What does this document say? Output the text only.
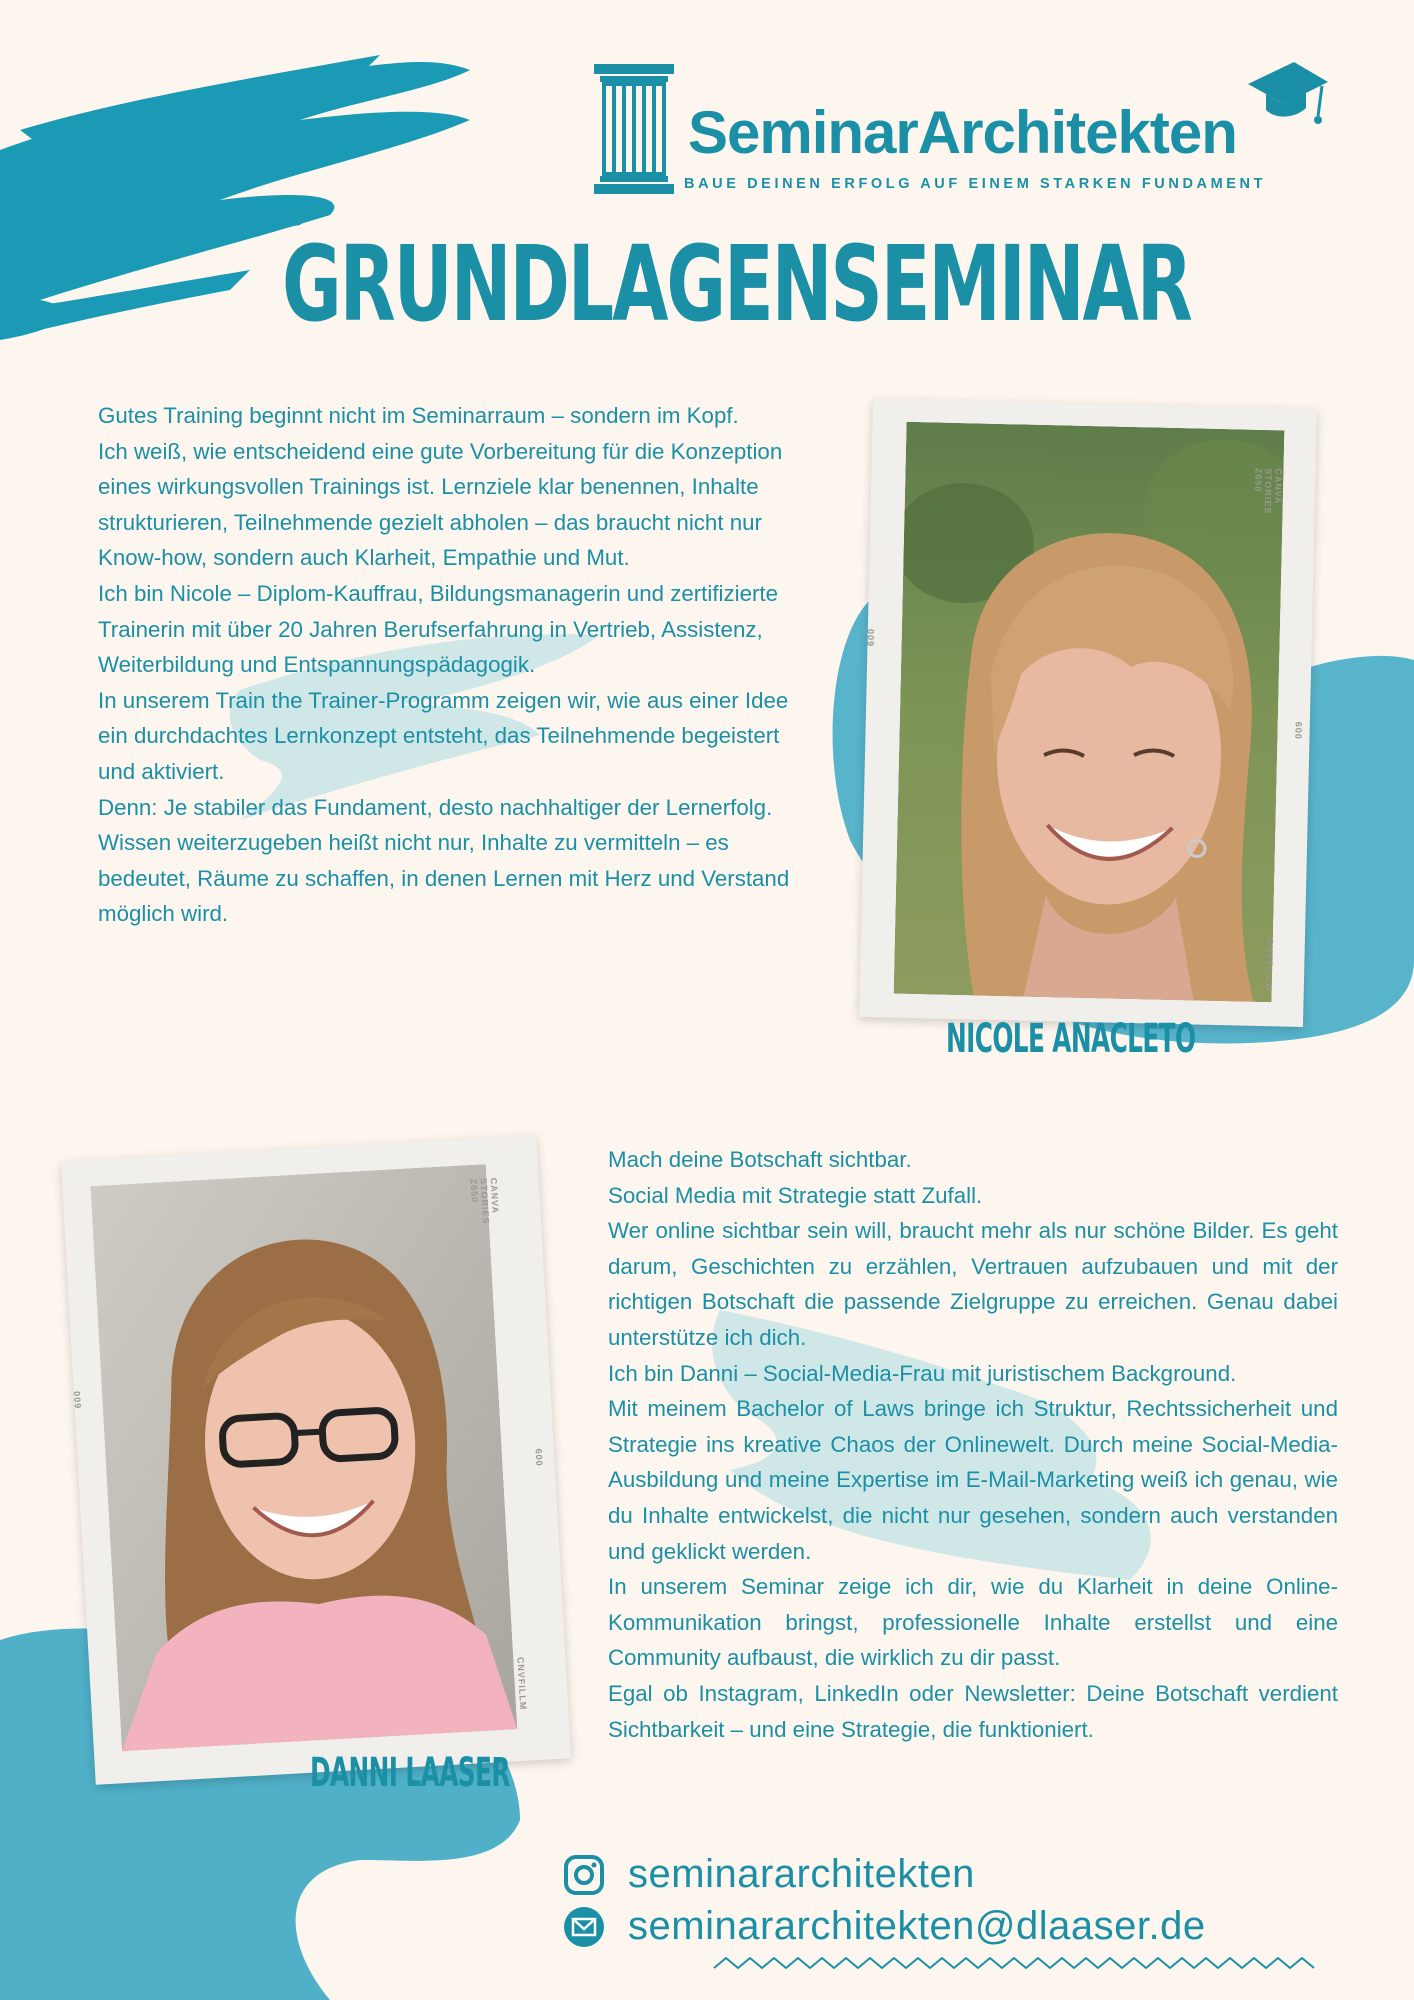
SeminarArchitekten
BAUE DEINEN ERFOLG AUF EINEM STARKEN FUNDAMENT
GRUNDLAGENSEMINAR

Gutes Training beginnt nicht im Seminarraum – sondern im Kopf.

Ich weiß, wie entscheidend eine gute Vorbereitung für die Konzeption eines wirkungsvollen Trainings ist. Lernziele klar benennen, Inhalte strukturieren, Teilnehmende gezielt abholen – das braucht nicht nur Know-how, sondern auch Klarheit, Empathie und Mut.

Ich bin Nicole – Diplom-Kauffrau, Bildungsmanagerin und zertifizierte Trainerin mit über 20 Jahren Berufserfahrung in Vertrieb, Assistenz, Weiterbildung und Entspannungspädagogik.

In unserem Train the Trainer-Programm zeigen wir, wie aus einer Idee ein durchdachtes Lernkonzept entsteht, das Teilnehmende begeistert und aktiviert.

Denn: Je stabiler das Fundament, desto nachhaltiger der Lernerfolg.

Wissen weiterzugeben heißt nicht nur, Inhalte zu vermitteln – es bedeutet, Räume zu schaffen, in denen Lernen mit Herz und Verstand möglich wird.

CANVA STORIES Z650
009
009
CNVFILLM
NICOLE ANACLETO
CANVA STORIES Z650
009
009
CNVFILLM
DANNI LAASER

Mach deine Botschaft sichtbar.

Social Media mit Strategie statt Zufall.

Wer online sichtbar sein will, braucht mehr als nur schöne Bilder. Es geht darum, Geschichten zu erzählen, Vertrauen aufzubauen und mit der richtigen Botschaft die passende Zielgruppe zu erreichen. Genau dabei unterstütze ich dich.

Ich bin Danni – Social-Media-Frau mit juristischem Background.

Mit meinem Bachelor of Laws bringe ich Struktur, Rechtssicherheit und Strategie ins kreative Chaos der Onlinewelt. Durch meine Social-Media-Ausbildung und meine Expertise im E-Mail-Marketing weiß ich genau, wie du Inhalte entwickelst, die nicht nur gesehen, sondern auch verstanden und geklickt werden.

In unserem Seminar zeige ich dir, wie du Klarheit in deine Online-Kommunikation bringst, professionelle Inhalte erstellst und eine Community aufbaust, die wirklich zu dir passt.

Egal ob Instagram, LinkedIn oder Newsletter: Deine Botschaft verdient Sichtbarkeit – und eine Strategie, die funktioniert.

seminararchitekten
seminararchitekten@dlaaser.de
